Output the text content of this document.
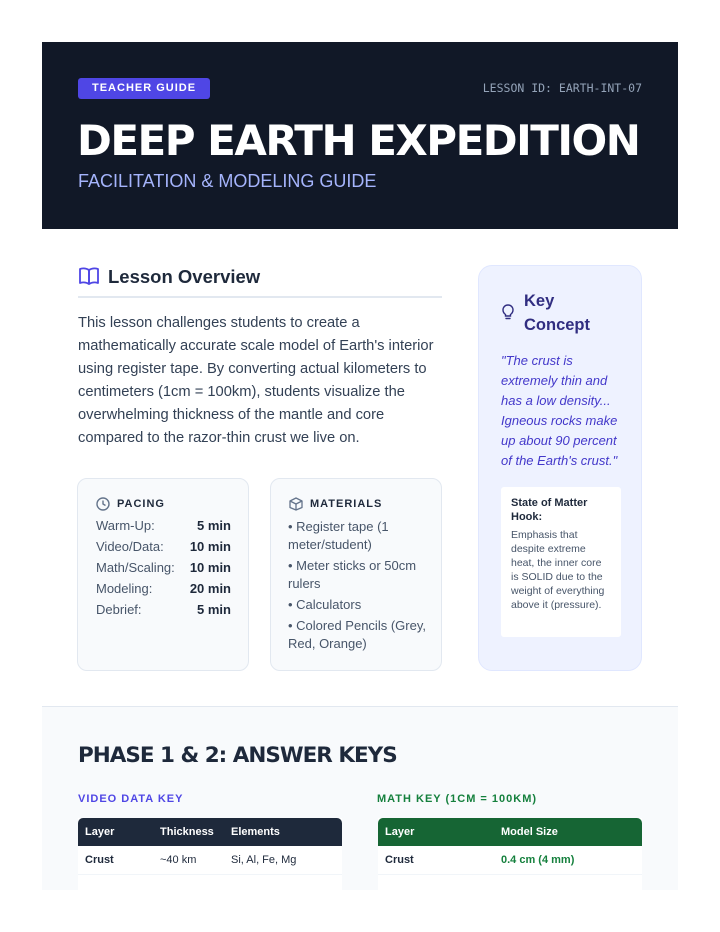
TEACHER GUIDE	LESSON ID: EARTH-INT-07
DEEP EARTH EXPEDITION
FACILITATION & MODELING GUIDE
Lesson Overview

This lesson challenges students to create a mathematically accurate scale model of Earth's interior using register tape. By converting actual kilometers to centimeters (1cm = 100km), students visualize the overwhelming thickness of the mantle and core compared to the razor-thin crust we live on.

PACING
Warm-Up:	5 min
Video/Data: 10 min
Math/Scaling: 10 min
Modeling:	20 min
Debrief:	5 min
MATERIALS
• Register tape (1 meter/student)
• Meter sticks or 50cm rulers
• Calculators
• Colored Pencils (Grey, Red, Orange)
Key Concept
"The crust is extremely thin and has a low density... Igneous rocks make up about 90 percent of the Earth's crust."
State of Matter Hook:
Emphasis that despite extreme heat, the inner core is SOLID due to the weight of everything above it (pressure).
PHASE 1 & 2: ANSWER KEYS
VIDEO DATA KEY	MATH KEY (1CM = 100KM)
Layer	Thickness	Elements
Crust	~40 km	Si, Al, Fe, Mg

Layer	Model Size
Crust	0.4 cm (4 mm)
